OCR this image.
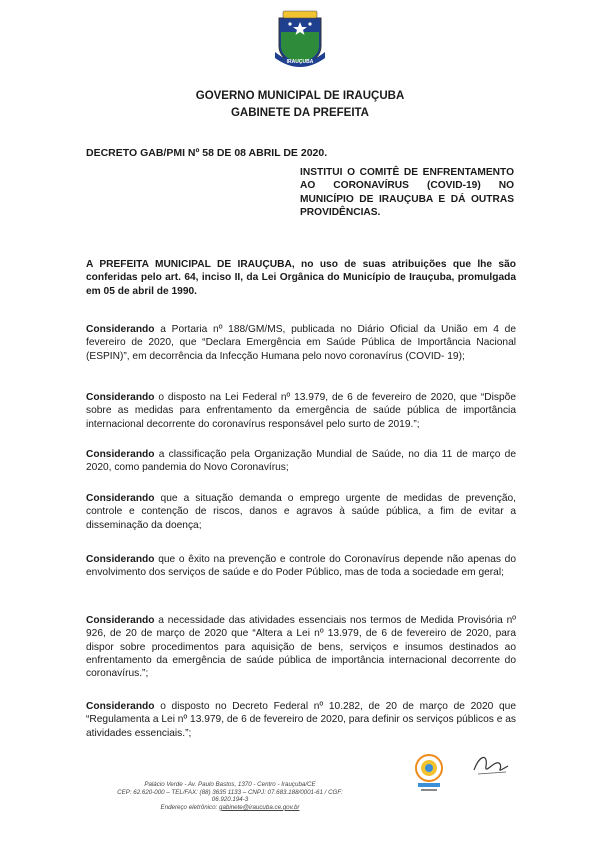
IRAUÇUBA
GOVERNO MUNICIPAL DE IRAUÇUBA
GABINETE DA PREFEITA
DECRETO GAB/PMI Nº 58 DE 08 ABRIL DE 2020.
INSTITUI O COMITÊ DE ENFRENTAMENTO AO CORONAVÍRUS (COVID-19) NO MUNICÍPIO DE IRAUÇUBA E DÁ OUTRAS PROVIDÊNCIAS.
A PREFEITA MUNICIPAL DE IRAUÇUBA, no uso de suas atribuições que lhe são conferidas pelo art. 64, inciso II, da Lei Orgânica do Município de Irauçuba, promulgada em 05 de abril de 1990.
Considerando a Portaria nº 188/GM/MS, publicada no Diário Oficial da União em 4 de fevereiro de 2020, que “Declara Emergência em Saúde Pública de Importância Nacional (ESPIN)”, em decorrência da Infecção Humana pelo novo coronavírus (COVID- 19);
Considerando o disposto na Lei Federal nº 13.979, de 6 de fevereiro de 2020, que “Dispõe sobre as medidas para enfrentamento da emergência de saúde pública de importância internacional decorrente do coronavírus responsável pelo surto de 2019.”;
Considerando a classificação pela Organização Mundial de Saúde, no dia 11 de março de 2020, como pandemia do Novo Coronavírus;
Considerando que a situação demanda o emprego urgente de medidas de prevenção, controle e contenção de riscos, danos e agravos à saúde pública, a fim de evitar a disseminação da doença;
Considerando que o êxito na prevenção e controle do Coronavírus depende não apenas do envolvimento dos serviços de saúde e do Poder Público, mas de toda a sociedade em geral;
Considerando a necessidade das atividades essenciais nos termos de Medida Provisória nº 926, de 20 de março de 2020 que “Altera a Lei nº 13.979, de 6 de fevereiro de 2020, para dispor sobre procedimentos para aquisição de bens, serviços e insumos destinados ao enfrentamento da emergência de saúde pública de importância internacional decorrente do coronavírus.”;
Considerando o disposto no Decreto Federal nº 10.282, de 20 de março de 2020 que “Regulamenta a Lei nº 13.979, de 6 de fevereiro de 2020, para definir os serviços públicos e as atividades essenciais.”;
Palácio Verde - Av. Paulo Bastos, 1370 - Centro - Irauçuba/CE
CEP: 62.620-000 – TEL/FAX: (88) 3635 1133 – CNPJ: 07.683.188/0001-61 / CGF: 06.920.194-3
Endereço eletrônico: gabinete@iraucuba.ce.gov.br
